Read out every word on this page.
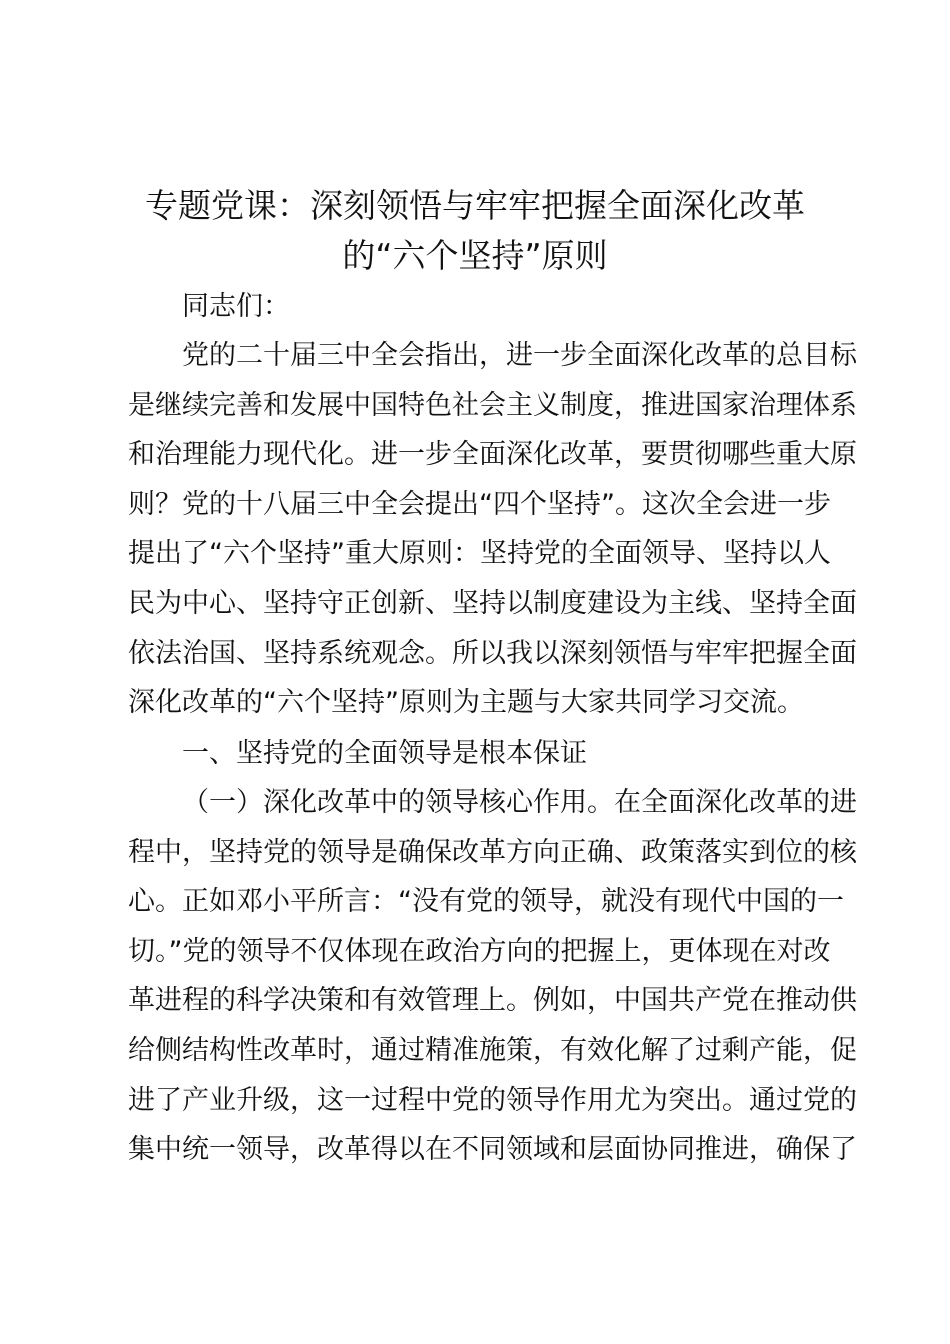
专题党课：深刻领悟与牢牢把握全面深化改革
的“六个坚持”原则

同志们：

党的二十届三中全会指出，进一步全面深化改革的总目标
是继续完善和发展中国特色社会主义制度，推进国家治理体系
和治理能力现代化。进一步全面深化改革，要贯彻哪些重大原
则？党的十八届三中全会提出“四个坚持”。这次全会进一步
提出了“六个坚持”重大原则：坚持党的全面领导、坚持以人
民为中心、坚持守正创新、坚持以制度建设为主线、坚持全面
依法治国、坚持系统观念。所以我以深刻领悟与牢牢把握全面
深化改革的“六个坚持”原则为主题与大家共同学习交流。

一、坚持党的全面领导是根本保证

（一）深化改革中的领导核心作用。在全面深化改革的进
程中，坚持党的领导是确保改革方向正确、政策落实到位的核
心。正如邓小平所言：“没有党的领导，就没有现代中国的一
切。”党的领导不仅体现在政治方向的把握上，更体现在对改
革进程的科学决策和有效管理上。例如，中国共产党在推动供
给侧结构性改革时，通过精准施策，有效化解了过剩产能，促
进了产业升级，这一过程中党的领导作用尤为突出。通过党的
集中统一领导，改革得以在不同领域和层面协同推进，确保了
